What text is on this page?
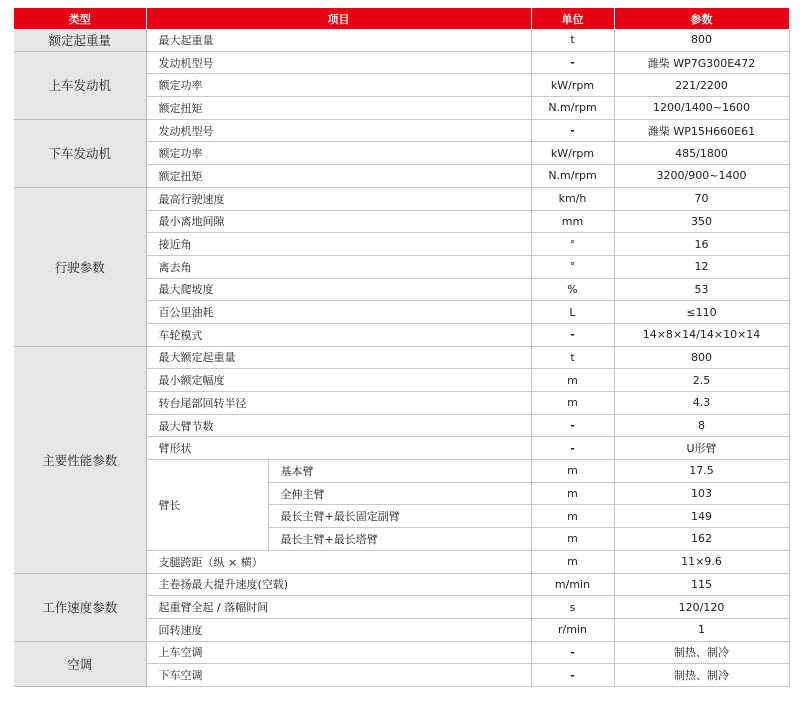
类型	项目		单位	参数
额定起重量	最大起重量		t	800
上车发动机	发动机型号		-	潍柴 WP7G300E472
	额定功率		kW/rpm	221/2200
	额定扭矩		N.m/rpm	1200/1400~1600
下车发动机	发动机型号		-	潍柴 WP15H660E61
	额定功率		kW/rpm	485/1800
	额定扭矩		N.m/rpm	3200/900~1400
行驶参数	最高行驶速度		km/h	70
	最小离地间隙		mm	350
	接近角		°	16
	离去角		°	12
	最大爬坡度		%	53
	百公里油耗		L	≤110
	车轮模式		-	14×8×14/14×10×14
主要性能参数	最大额定起重量		t	800
	最小额定幅度		m	2.5
	转台尾部回转半径		m	4.3
	最大臂节数		-	8
	臂形状		-	U形臂
	臂长	基本臂	m	17.5
		全伸主臂	m	103
		最长主臂+最长固定副臂	m	149
		最长主臂+最长塔臂	m	162
	支腿跨距（纵 × 横）		m	11×9.6
工作速度参数	主卷扬最大提升速度(空载)		m/min	115
	起重臂全起 / 落幅时间		s	120/120
	回转速度		r/min	1
空调	上车空调		-	制热、制冷
	下车空调		-	制热、制冷
